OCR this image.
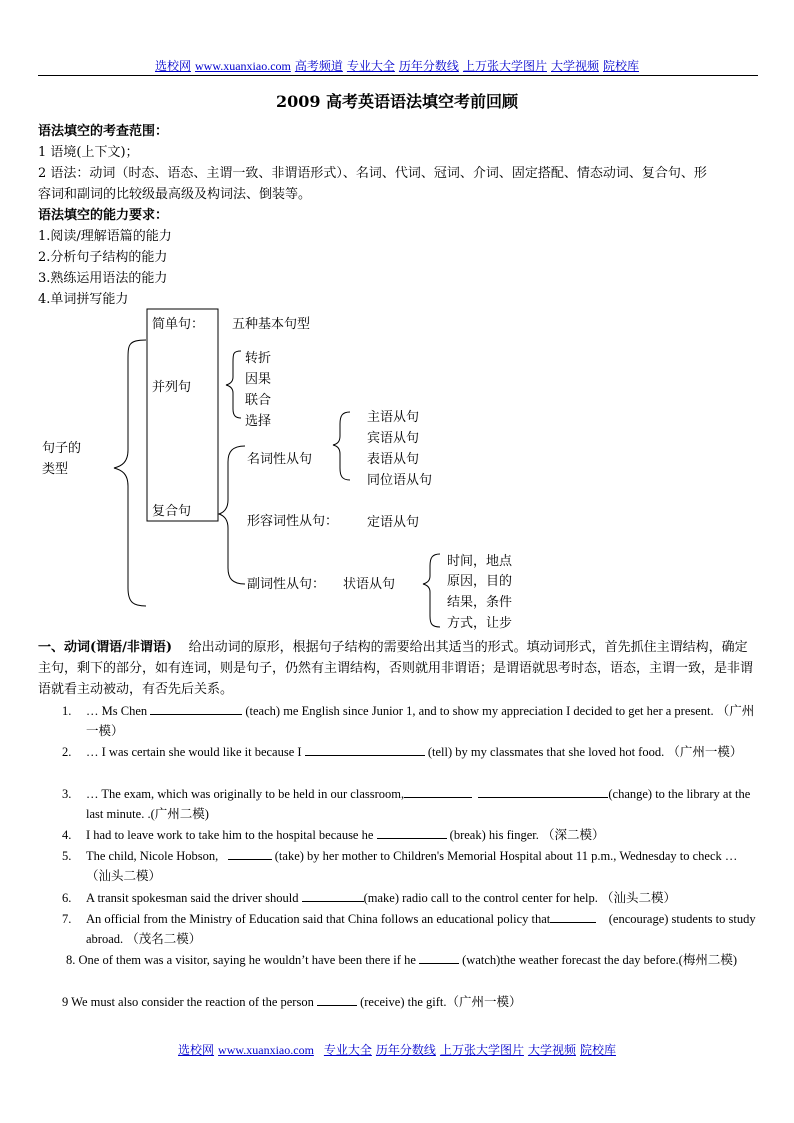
选校网 www.xuanxiao.com 高考频道 专业大全 历年分数线 上万张大学图片 大学视频 院校库
2009 高考英语语法填空考前回顾
语法填空的考查范围：
1 语境(上下文)；
2 语法：动词（时态、语态、主谓一致、非谓语形式）、名词、代词、冠词、介词、固定搭配、情态动词、复合句、形
容词和副词的比较级最高级及构词法、倒装等。
语法填空的能力要求：
1.阅读/理解语篇的能力
2.分析句子结构的能力
3.熟练运用语法的能力
4.单词拼写能力
句子的
类型
简单句： 五种基本句型
并列句
转折
因果
联合
选择
复合句
名词性从句
主语从句
宾语从句
表语从句
同位语从句
形容词性从句： 定语从句
副词性从句： 状语从句
时间，地点
原因，目的
结果，条件
方式，让步
一、动词(谓语/非谓语) 给出动词的原形，根据句子结构的需要给出其适当的形式。填动词形式，首先抓住主谓结构，确定主句，剩下的部分，如有连词，则是句子，仍然有主谓结构，否则就用非谓语；是谓语就思考时态，语态，主谓一致，是非谓语就看主动被动，有否先后关系。
1. … Ms Chen	(teach) me English since Junior 1, and to show my appreciation I decided to get her a present. （广州一模）
2. … I was certain she would like it because I	(tell) by my classmates that she loved hot food. （广州一模）
3. … The exam, which was originally to be held in our classroom,	(change) to the library at the last minute. .(广州二模)
4. I had to leave work to take him to the hospital because he	(break) his finger. （深二模）
5. The child, Nicole Hobson,	(take) by her mother to Children's Memorial Hospital about 11 p.m., Wednesday to check … （汕头二模）
6. A transit spokesman said the driver should	(make) radio call to the control center for help. （汕头二模）
7. An official from the Ministry of Education said that China follows an educational policy that	(encourage) students to study abroad. （茂名二模）
8. One of them was a visitor, saying he wouldn’t have been there if he	(watch)the weather forecast the day before.(梅州二模)
9 We must also consider the reaction of the person	(receive) the gift.（广州一模）
选校网 www.xuanxiao.com 专业大全 历年分数线 上万张大学图片 大学视频 院校库
